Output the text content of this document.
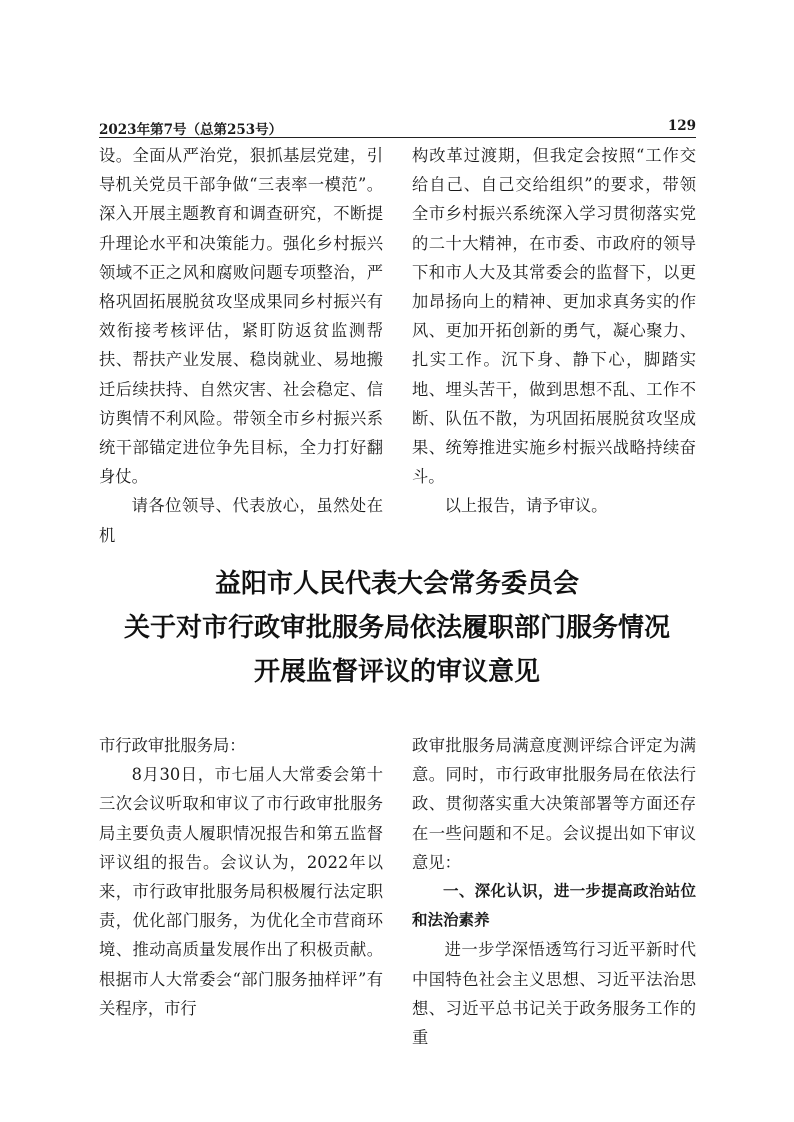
2023年第7号（总第253号）	129

设。全面从严治党，狠抓基层党建，引导机关党员干部争做“三表率一模范”。深入开展主题教育和调查研究，不断提升理论水平和决策能力。强化乡村振兴领域不正之风和腐败问题专项整治，严格巩固拓展脱贫攻坚成果同乡村振兴有效衔接考核评估，紧盯防返贫监测帮扶、帮扶产业发展、稳岗就业、易地搬迁后续扶持、自然灾害、社会稳定、信访舆情不利风险。带领全市乡村振兴系统干部锚定进位争先目标，全力打好翻身仗。

请各位领导、代表放心，虽然处在机

构改革过渡期，但我定会按照“工作交给自己、自己交给组织”的要求，带领全市乡村振兴系统深入学习贯彻落实党的二十大精神，在市委、市政府的领导下和市人大及其常委会的监督下，以更加昂扬向上的精神、更加求真务实的作风、更加开拓创新的勇气，凝心聚力、扎实工作。沉下身、静下心，脚踏实地、埋头苦干，做到思想不乱、工作不断、队伍不散，为巩固拓展脱贫攻坚成果、统筹推进实施乡村振兴战略持续奋斗。

以上报告，请予审议。

益阳市人民代表大会常务委员会
关于对市行政审批服务局依法履职部门服务情况
开展监督评议的审议意见

市行政审批服务局：

8月30日，市七届人大常委会第十三次会议听取和审议了市行政审批服务局主要负责人履职情况报告和第五监督评议组的报告。会议认为，2022年以来，市行政审批服务局积极履行法定职责，优化部门服务，为优化全市营商环境、推动高质量发展作出了积极贡献。根据市人大常委会“部门服务抽样评”有关程序，市行

政审批服务局满意度测评综合评定为满意。同时，市行政审批服务局在依法行政、贯彻落实重大决策部署等方面还存在一些问题和不足。会议提出如下审议意见：

一、深化认识，进一步提高政治站位和法治素养

进一步学深悟透笃行习近平新时代中国特色社会主义思想、习近平法治思想、习近平总书记关于政务服务工作的重
